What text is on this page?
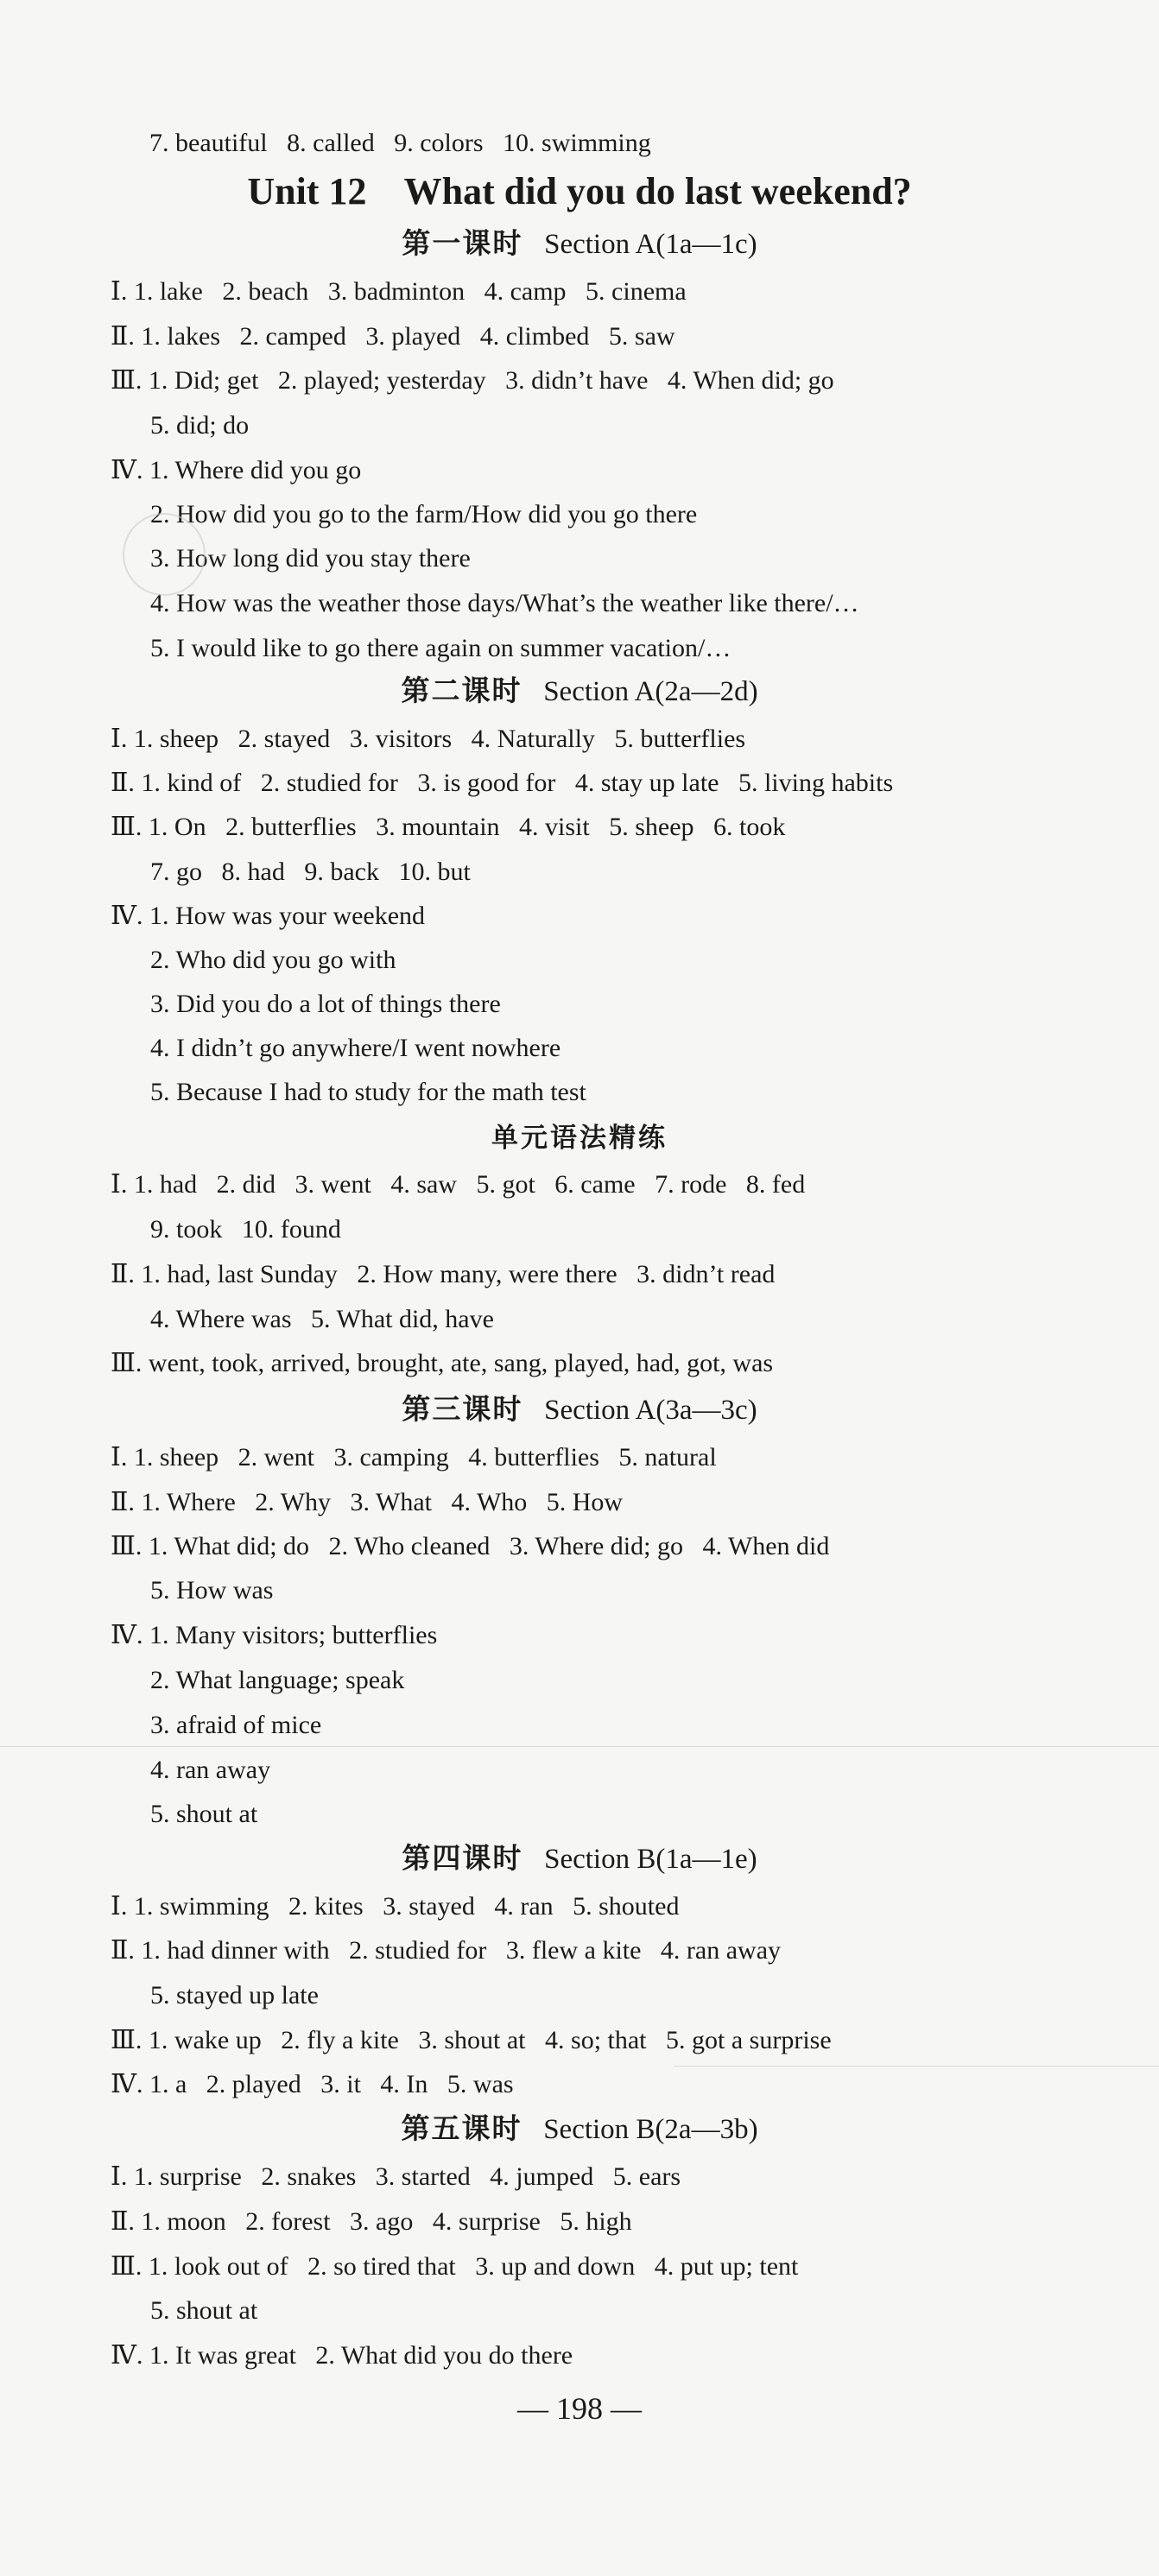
7. beautiful   8. called   9. colors   10. swimming
Unit 12    What did you do last weekend?
第一课时 Section A(1a—1c)
Ⅰ. 1. lake   2. beach   3. badminton   4. camp   5. cinema
Ⅱ. 1. lakes   2. camped   3. played   4. climbed   5. saw
Ⅲ. 1. Did; get   2. played; yesterday   3. didn’t have   4. When did; go
5. did; do
Ⅳ. 1. Where did you go
2. How did you go to the farm/How did you go there
3. How long did you stay there
4. How was the weather those days/What’s the weather like there/…
5. I would like to go there again on summer vacation/…
第二课时 Section A(2a—2d)
Ⅰ. 1. sheep   2. stayed   3. visitors   4. Naturally   5. butterflies
Ⅱ. 1. kind of   2. studied for   3. is good for   4. stay up late   5. living habits
Ⅲ. 1. On   2. butterflies   3. mountain   4. visit   5. sheep   6. took
7. go   8. had   9. back   10. but
Ⅳ. 1. How was your weekend
2. Who did you go with
3. Did you do a lot of things there
4. I didn’t go anywhere/I went nowhere
5. Because I had to study for the math test
单元语法精练
Ⅰ. 1. had   2. did   3. went   4. saw   5. got   6. came   7. rode   8. fed
9. took   10. found
Ⅱ. 1. had, last Sunday   2. How many, were there   3. didn’t read
4. Where was   5. What did, have
Ⅲ. went, took, arrived, brought, ate, sang, played, had, got, was
第三课时 Section A(3a—3c)
Ⅰ. 1. sheep   2. went   3. camping   4. butterflies   5. natural
Ⅱ. 1. Where   2. Why   3. What   4. Who   5. How
Ⅲ. 1. What did; do   2. Who cleaned   3. Where did; go   4. When did
5. How was
Ⅳ. 1. Many visitors; butterflies
2. What language; speak
3. afraid of mice
4. ran away
5. shout at
第四课时 Section B(1a—1e)
Ⅰ. 1. swimming   2. kites   3. stayed   4. ran   5. shouted
Ⅱ. 1. had dinner with   2. studied for   3. flew a kite   4. ran away
5. stayed up late
Ⅲ. 1. wake up   2. fly a kite   3. shout at   4. so; that   5. got a surprise
Ⅳ. 1. a   2. played   3. it   4. In   5. was
第五课时 Section B(2a—3b)
Ⅰ. 1. surprise   2. snakes   3. started   4. jumped   5. ears
Ⅱ. 1. moon   2. forest   3. ago   4. surprise   5. high
Ⅲ. 1. look out of   2. so tired that   3. up and down   4. put up; tent
5. shout at
Ⅳ. 1. It was great   2. What did you do there
— 198 —
